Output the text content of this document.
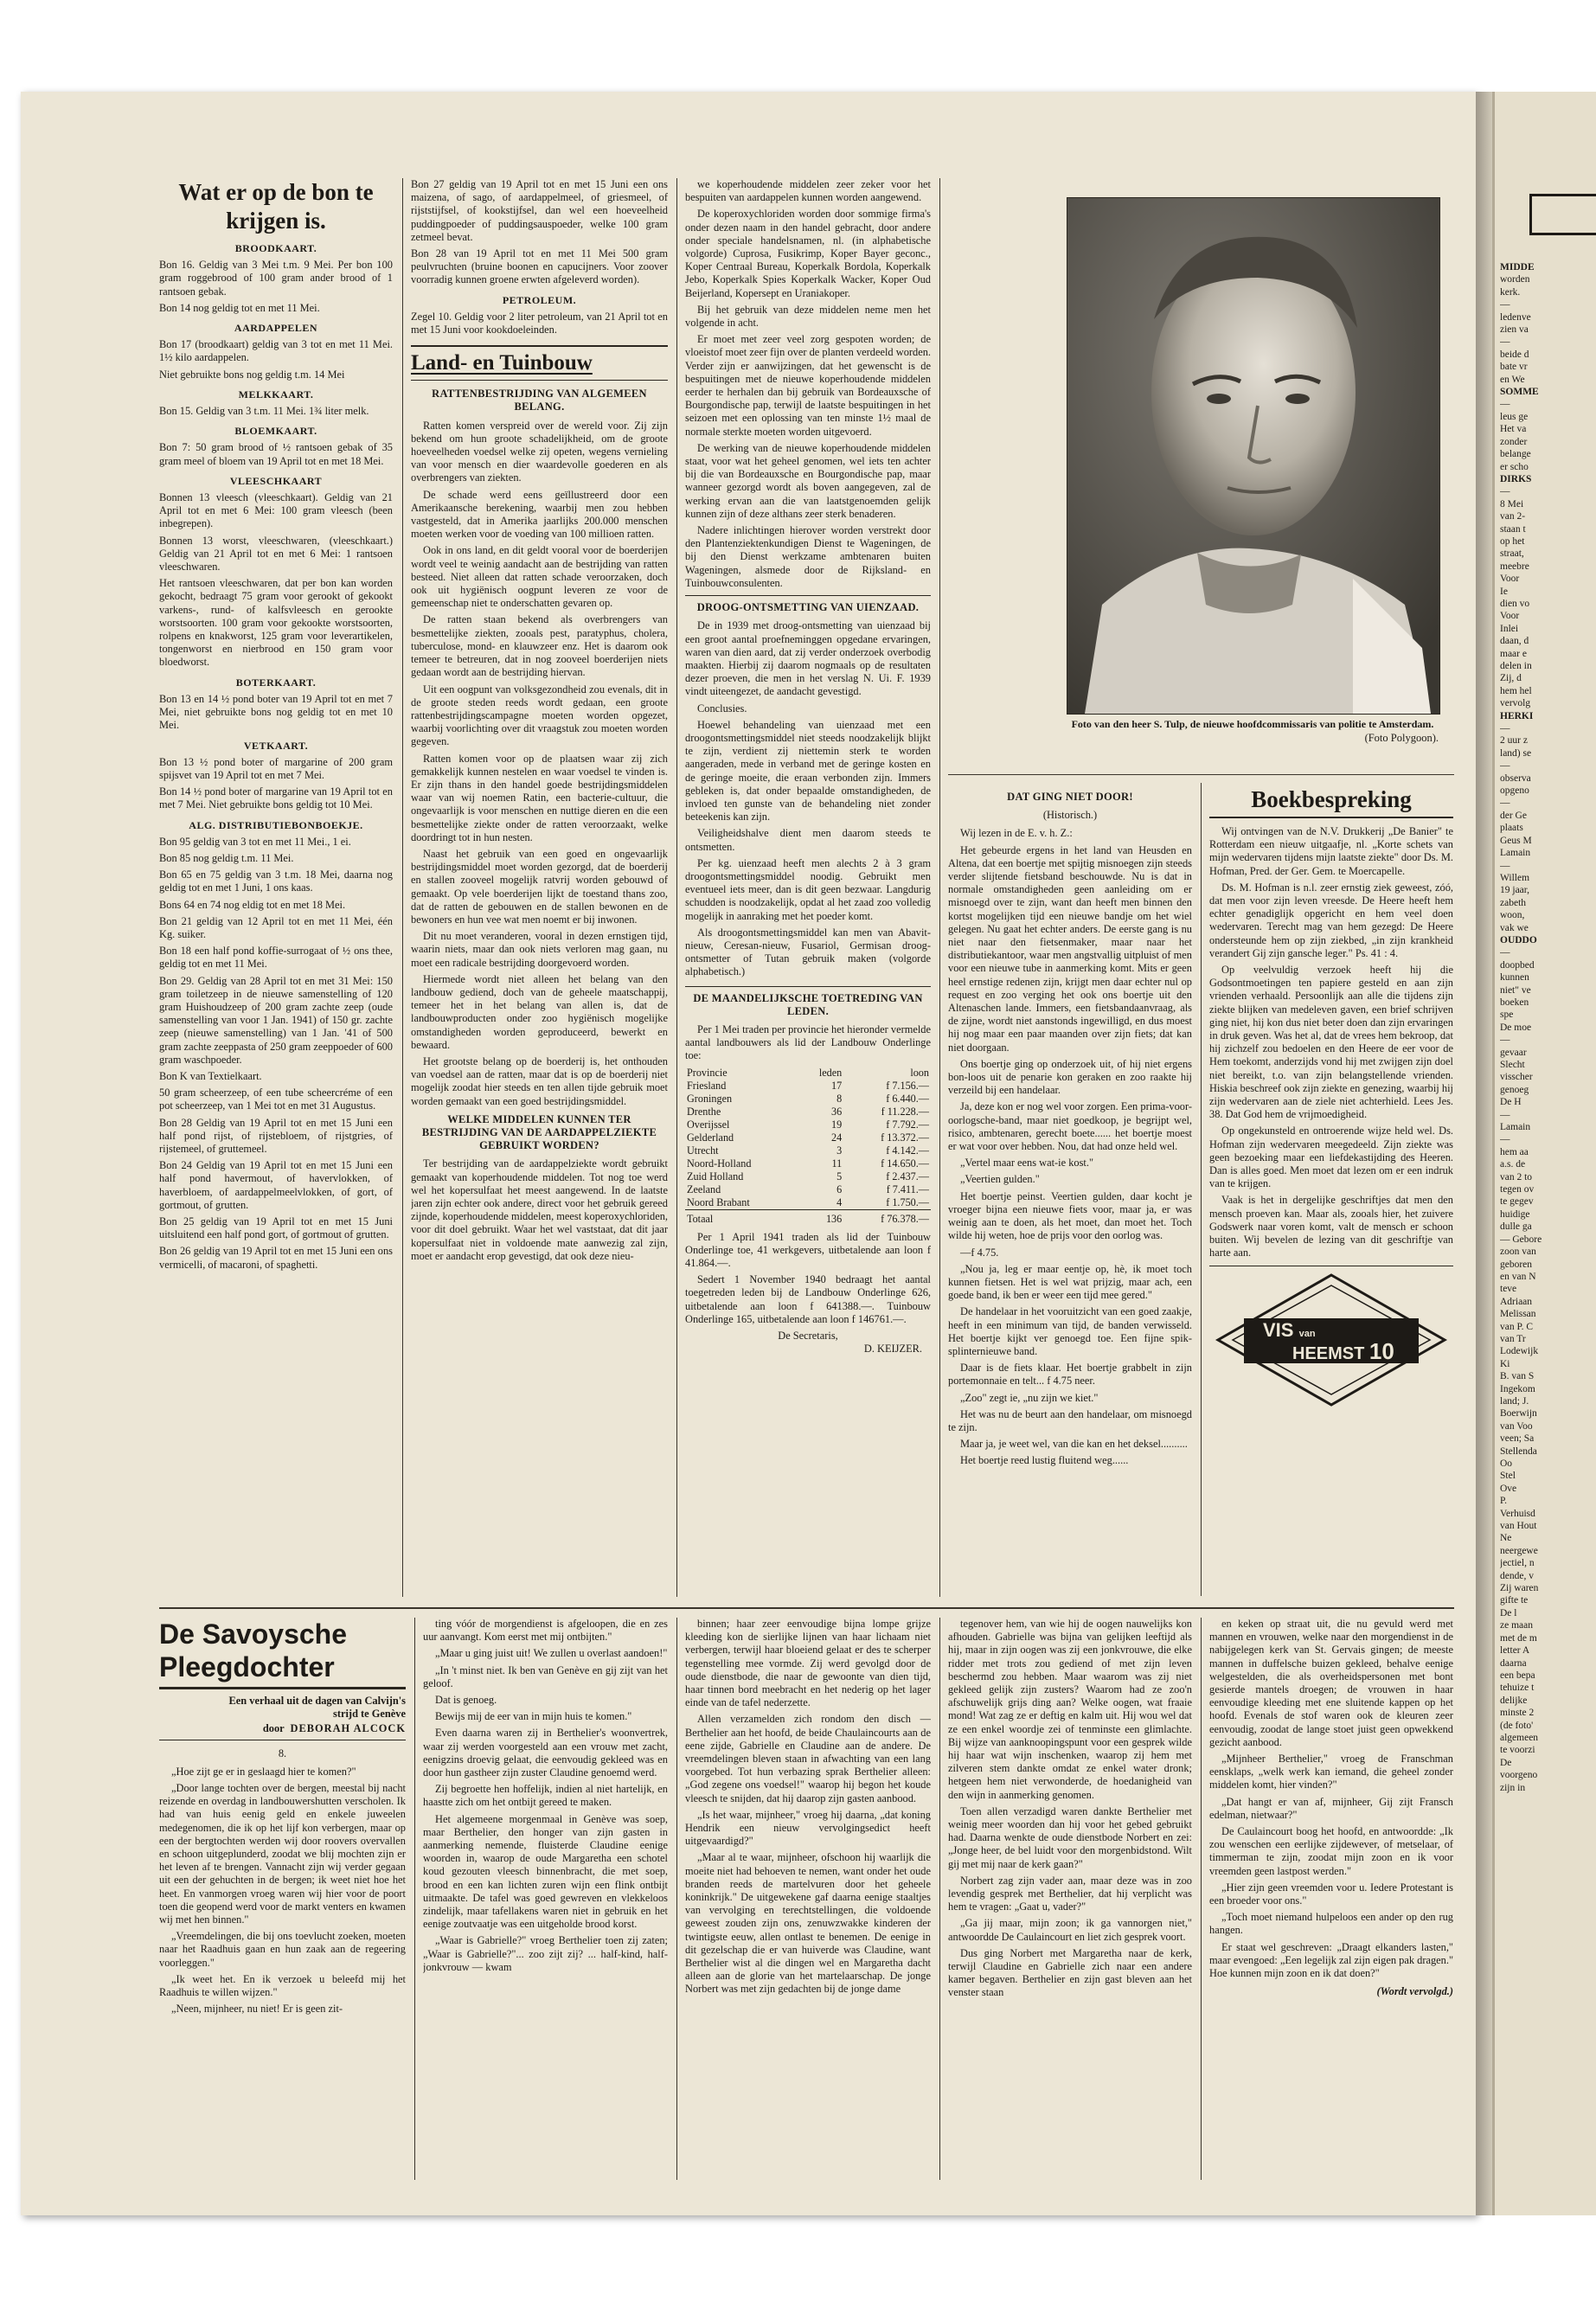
MIDDE
worden
kerk.
—
ledenve
zien va
—
beide d
bate vr
en We
SOMME
—
leus ge
Het va
zonder
belange
er scho
DIRKS
—
8 Mei
van 2-
staan t
op het
straat,
meebre
Voor
Ie
dien vo
Voor
Inlei
daan, d
maar e
delen in
Zij, d
hem hel
vervolg
HERKI
—
2 uur z
land) se
—
observa
opgeno
—
der Ge
plaats
Geus M
Lamain
—
Willem
19 jaar,
zabeth
woon,
vak we
OUDDO
—
doopbed
kunnen
niet" ve
boeken
spe
De moe
—
gevaar
Slecht
visscher
genoeg
De H
—
Lamain
—
hem aa
a.s. de
van 2 to
tegen ov
te gegev
huidige
dulle ga
— Gebore
zoon van
geboren
en van N
teve
Adriaan
Melissan
van P. C
van Tr
Lodewijk
Ki
B. van S
Ingekom
land; J.
Boerwijn
van Voo
veen; Sa
Stellenda
Oo
Stel
Ove
P.
Verhuisd
van Hout
Ne
neergewe
jectiel, n
dende, v
Zij waren
gifte te
De l
ze maan
met de m
letter A
daarna
een bepa
tehuize t
delijke
minste 2
(de foto'
algemeen
te voorzi
De
voorgeno
zijn in
Wat er op de bon te krijgen is.
BROODKAART.

Bon 16. Geldig van 3 Mei t.m. 9 Mei. Per bon 100 gram roggebrood of 100 gram ander brood of 1 rantsoen gebak.

Bon 14 nog geldig tot en met 11 Mei.

AARDAPPELEN

Bon 17 (broodkaart) geldig van 3 tot en met 11 Mei. 1½ kilo aardappelen.

Niet gebruikte bons nog geldig t.m. 14 Mei

MELKKAART.

Bon 15. Geldig van 3 t.m. 11 Mei. 1¾ liter melk.

BLOEMKAART.

Bon 7: 50 gram brood of ½ rantsoen gebak of 35 gram meel of bloem van 19 April tot en met 18 Mei.

VLEESCHKAART

Bonnen 13 vleesch (vleeschkaart). Geldig van 21 April tot en met 6 Mei: 100 gram vleesch (been inbegrepen).

Bonnen 13 worst, vleeschwaren, (vleeschkaart.) Geldig van 21 April tot en met 6 Mei: 1 rantsoen vleeschwaren.

Het rantsoen vleeschwaren, dat per bon kan worden gekocht, bedraagt 75 gram voor gerookt of gekookt varkens-, rund- of kalfsvleesch en gerookte worstsoorten. 100 gram voor gekookte worstsoorten, rolpens en knakworst, 125 gram voor leverartikelen, tongenworst en nierbrood en 150 gram voor bloedworst.

BOTERKAART.

Bon 13 en 14 ½ pond boter van 19 April tot en met 7 Mei, niet gebruikte bons nog geldig tot en met 10 Mei.

VETKAART.

Bon 13 ½ pond boter of margarine of 200 gram spijsvet van 19 April tot en met 7 Mei.

Bon 14 ½ pond boter of margarine van 19 April tot en met 7 Mei. Niet gebruikte bons geldig tot 10 Mei.

ALG. DISTRIBUTIEBONBOEKJE.

Bon 95 geldig van 3 tot en met 11 Mei., 1 ei.

Bon 85 nog geldig t.m. 11 Mei.

Bon 65 en 75 geldig van 3 t.m. 18 Mei, daarna nog geldig tot en met 1 Juni, 1 ons kaas.

Bons 64 en 74 nog eldig tot en met 18 Mei.

Bon 21 geldig van 12 April tot en met 11 Mei, één Kg. suiker.

Bon 18 een half pond koffie-surrogaat of ½ ons thee, geldig tot en met 11 Mei.

Bon 29. Geldig van 28 April tot en met 31 Mei: 150 gram toiletzeep in de nieuwe samenstelling of 120 gram Huishoudzeep of 200 gram zachte zeep (oude samenstelling van voor 1 Jan. 1941) of 150 gr. zachte zeep (nieuwe samenstelling) van 1 Jan. '41 of 500 gram zachte zeeppasta of 250 gram zeeppoeder of 600 gram waschpoeder.

Bon K van Textielkaart.

50 gram scheerzeep, of een tube scheercréme of een pot scheerzeep, van 1 Mei tot en met 31 Augustus.

Bon 28 Geldig van 19 April tot en met 15 Juni een half pond rijst, of rijstebloem, of rijstgries, of rijstemeel, of gruttemeel.

Bon 24 Geldig van 19 April tot en met 15 Juni een half pond havermout, of havervlokken, of haverbloem, of aardappelmeelvlokken, of gort, of gortmout, of grutten.

Bon 25 geldig van 19 April tot en met 15 Juni uitsluitend een half pond gort, of gortmout of grutten.

Bon 26 geldig van 19 April tot en met 15 Juni een ons vermicelli, of macaroni, of spaghetti.

Bon 27 geldig van 19 April tot en met 15 Juni een ons maizena, of sago, of aardappelmeel, of griesmeel, of rijststijfsel, of kookstijfsel, dan wel een hoeveelheid puddingpoeder of puddingsauspoeder, welke 100 gram zetmeel bevat.

Bon 28 van 19 April tot en met 11 Mei 500 gram peulvruchten (bruine boonen en capucijners. Voor zoover voorradig kunnen groene erwten afgeleverd worden).

PETROLEUM.

Zegel 10. Geldig voor 2 liter petroleum, van 21 April tot en met 15 Juni voor kookdoeleinden.

Land- en Tuinbouw
RATTENBESTRIJDING VAN ALGEMEEN BELANG.

Ratten komen verspreid over de wereld voor. Zij zijn bekend om hun groote schadelijkheid, om de groote hoeveelheden voedsel welke zij opeten, wegens vernieling van voor mensch en dier waardevolle goederen en als overbrengers van ziekten.

De schade werd eens geïllustreerd door een Amerikaansche berekening, waarbij men zou hebben vastgesteld, dat in Amerika jaarlijks 200.000 menschen moeten werken voor de voeding van 100 millioen ratten.

Ook in ons land, en dit geldt vooral voor de boerderijen wordt veel te weinig aandacht aan de bestrijding van ratten besteed. Niet alleen dat ratten schade veroorzaken, doch ook uit hygiënisch oogpunt leveren ze voor de gemeenschap niet te onderschatten gevaren op.

De ratten staan bekend als overbrengers van besmettelijke ziekten, zooals pest, paratyphus, cholera, tuberculose, mond- en klauwzeer enz. Het is daarom ook temeer te betreuren, dat in nog zooveel boerderijen niets gedaan wordt aan de bestrijding hiervan.

Uit een oogpunt van volksgezondheid zou evenals, dit in de groote steden reeds wordt gedaan, een groote rattenbestrijdingscampagne moeten worden opgezet, waarbij voorlichting over dit vraagstuk zou moeten worden gegeven.

Ratten komen voor op de plaatsen waar zij zich gemakkelijk kunnen nestelen en waar voedsel te vinden is. Er zijn thans in den handel goede bestrijdingsmiddelen waar van wij noemen Ratin, een bacterie-cultuur, die ongevaarlijk is voor menschen en nuttige dieren en die een besmettelijke ziekte onder de ratten veroorzaakt, welke doordringt tot in hun nesten.

Naast het gebruik van een goed en ongevaarlijk bestrijdingsmiddel moet worden gezorgd, dat de boerderij en stallen zooveel mogelijk ratvrij worden gebouwd of gemaakt. Op vele boerderijen lijkt de toestand thans zoo, dat de ratten de gebouwen en de stallen bewonen en de bewoners en hun vee wat men noemt er bij inwonen.

Dit nu moet veranderen, vooral in dezen ernstigen tijd, waarin niets, maar dan ook niets verloren mag gaan, nu moet een radicale bestrijding doorgevoerd worden.

Hiermede wordt niet alleen het belang van den landbouw gediend, doch van de geheele maatschappij, temeer het in het belang van allen is, dat de landbouwproducten onder zoo hygiënisch mogelijke omstandigheden worden geproduceerd, bewerkt en bewaard.

Het grootste belang op de boerderij is, het onthouden van voedsel aan de ratten, maar dat is op de boerderij niet mogelijk zoodat hier steeds en ten allen tijde gebruik moet worden gemaakt van een goed bestrijdingsmiddel.

WELKE MIDDELEN KUNNEN TER BESTRIJDING VAN DE AARDAPPELZIEKTE GEBRUIKT WORDEN?

Ter bestrijding van de aardappelziekte wordt gebruikt gemaakt van koperhoudende middelen. Tot nog toe werd wel het kopersulfaat het meest aangewend. In de laatste jaren zijn echter ook andere, direct voor het gebruik gereed zijnde, koperhoudende middelen, meest koperoxychloriden, voor dit doel gebruikt. Waar het wel vaststaat, dat dit jaar kopersulfaat niet in voldoende mate aanwezig zal zijn, moet er aandacht erop gevestigd, dat ook deze nieu-

we koperhoudende middelen zeer zeker voor het bespuiten van aardappelen kunnen worden aangewend.

De koperoxychloriden worden door sommige firma's onder dezen naam in den handel gebracht, door andere onder speciale handelsnamen, nl. (in alphabetische volgorde) Cuprosa, Fusikrimp, Koper Bayer geconc., Koper Centraal Bureau, Koperkalk Bordola, Koperkalk Jebo, Koperkalk Spies Koperkalk Wacker, Koper Oud Beijerland, Kopersept en Uraniakoper.

Bij het gebruik van deze middelen neme men het volgende in acht.

Er moet met zeer veel zorg gespoten worden; de vloeistof moet zeer fijn over de planten verdeeld worden. Verder zijn er aanwijzingen, dat het gewenscht is de bespuitingen met de nieuwe koperhoudende middelen eerder te herhalen dan bij gebruik van Bordeauxsche of Bourgondische pap, terwijl de laatste bespuitingen in het seizoen met een oplossing van ten minste 1½ maal de normale sterkte moeten worden uitgevoerd.

De werking van de nieuwe koperhoudende middelen staat, voor wat het geheel genomen, wel iets ten achter bij die van Bordeauxsche en Bourgondische pap, maar wanneer gezorgd wordt als boven aangegeven, zal de werking ervan aan die van laatstgenoemden gelijk kunnen zijn of deze althans zeer sterk benaderen.

Nadere inlichtingen hierover worden verstrekt door den Plantenziektenkundigen Dienst te Wageningen, de bij den Dienst werkzame ambtenaren buiten Wageningen, alsmede door de Rijksland- en Tuinbouwconsulenten.

DROOG-ONTSMETTING VAN UIENZAAD.

De in 1939 met droog-ontsmetting van uienzaad bij een groot aantal proefneminggen opgedane ervaringen, waren van dien aard, dat zij verder onderzoek overbodig maakten. Hierbij zij daarom nogmaals op de resultaten dezer proeven, die men in het verslag N. Ui. F. 1939 vindt uiteengezet, de aandacht gevestigd.

Conclusies.

Hoewel behandeling van uienzaad met een droogontsmettingsmiddel niet steeds noodzakelijk blijkt te zijn, verdient zij niettemin sterk te worden aangeraden, mede in verband met de geringe kosten en de geringe moeite, die eraan verbonden zijn. Immers gebleken is, dat onder bepaalde omstandigheden, de invloed ten gunste van de behandeling niet zonder beteekenis kan zijn.

Veiligheidshalve dient men daarom steeds te ontsmetten.

Per kg. uienzaad heeft men alechts 2 à 3 gram droogontsmettingsmiddel noodig. Gebruikt men eventueel iets meer, dan is dit geen bezwaar. Langdurig schudden is noodzakelijk, opdat al het zaad zoo volledig mogelijk in aanraking met het poeder komt.

Als droogontsmettingsmiddel kan men van Abavit-nieuw, Ceresan-nieuw, Fusariol, Germisan droog-ontsmetter of Tutan gebruik maken (volgorde alphabetisch.)

DE MAANDELIJKSCHE TOETREDING VAN LEDEN.

Per 1 Mei traden per provincie het hieronder vermelde aantal landbouwers als lid der Landbouw Onderlinge toe:

Provincie	leden	loon
Friesland	17	f 7.156.—
Groningen	8	f 6.440.—
Drenthe	36	f 11.228.—
Overijssel	19	f 7.792.—
Gelderland	24	f 13.372.—
Utrecht	3	f 4.142.—
Noord-Holland	11	f 14.650.—
Zuid Holland	5	f 2.437.—
Zeeland	6	f 7.411.—
Noord Brabant	4	f 1.750.—
Totaal	136	f 76.378.—

Per 1 April 1941 traden als lid der Tuinbouw Onderlinge toe, 41 werkgevers, uitbetalende aan loon f 41.864.—.

Sedert 1 November 1940 bedraagt het aantal toegetreden leden bij de Landbouw Onderlinge 626, uitbetalende aan loon f 641388.—. Tuinbouw Onderlinge 165, uitbetalende aan loon f 146761.—.

De Secretaris,
D. KEIJZER.
Foto van den heer S. Tulp, de nieuwe hoofdcommissaris van politie te Amsterdam.
(Foto Polygoon).
DAT GING NIET DOOR!
(Historisch.)

Wij lezen in de E. v. h. Z.:

Het gebeurde ergens in het land van Heusden en Altena, dat een boertje met spijtig misnoegen zijn steeds verder slijtende fietsband beschouwde. Nu is dat in normale omstandigheden geen aanleiding om er misnoegd over te zijn, want dan heeft men binnen den kortst mogelijken tijd een nieuwe bandje om het wiel gelegen. Nu gaat het echter anders. De eerste gang is nu niet naar den fietsenmaker, maar naar het distributiekantoor, waar men angstvallig uitpluist of men voor een nieuwe tube in aanmerking komt. Mits er geen heel ernstige redenen zijn, krijgt men daar echter nul op request en zoo verging het ook ons boertje uit den Altenaschen lande. Immers, een fietsbandaanvraag, als de zijne, wordt niet aanstonds ingewilligd, en dus moest hij nog maar een paar maanden over zijn fiets; dat kan niet doorgaan.

Ons boertje ging op onderzoek uit, of hij niet ergens bon-loos uit de penarie kon geraken en zoo raakte hij verzeild bij een handelaar.

Ja, deze kon er nog wel voor zorgen. Een prima-voor-oorlogsche-band, maar niet goedkoop, je begrijpt wel, risico, ambtenaren, gerecht boete...... het boertje moest er wat voor over hebben. Nou, dat had onze held wel.

„Vertel maar eens wat-ie kost."

„Veertien gulden."

Het boertje peinst. Veertien gulden, daar kocht je vroeger bijna een nieuwe fiets voor, maar ja, er was weinig aan te doen, als het moet, dan moet het. Toch wilde hij weten, hoe de prijs voor den oorlog was.

—f 4.75.

„Nou ja, leg er maar eentje op, hè, ik moet toch kunnen fietsen. Het is wel wat prijzig, maar ach, een goede band, ik ben er weer een tijd mee gered."

De handelaar in het vooruitzicht van een goed zaakje, heeft in een minimum van tijd, de banden verwisseld. Het boertje kijkt ver genoegd toe. Een fijne spik-splinternieuwe band.

Daar is de fiets klaar. Het boertje grabbelt in zijn portemonnaie en telt... f 4.75 neer.

„Zoo" zegt ie, „nu zijn we kiet."

Het was nu de beurt aan den handelaar, om misnoegd te zijn.

Maar ja, je weet wel, van die kan en het deksel..........

Het boertje reed lustig fluitend weg......

Boekbespreking

Wij ontvingen van de N.V. Drukkerij „De Banier" te Rotterdam een nieuw uitgaafje, nl. „Korte schets van mijn wedervaren tijdens mijn laatste ziekte" door Ds. M. Hofman, Pred. der Ger. Gem. te Moercapelle.

Ds. M. Hofman is n.l. zeer ernstig ziek geweest, zóó, dat men voor zijn leven vreesde. De Heere heeft hem echter genadiglijk opgericht en hem veel doen wedervaren. Terecht mag van hem gezegd: De Heere ondersteunde hem op zijn ziekbed, „in zijn krankheid verandert Gij zijn gansche leger." Ps. 41 : 4.

Op veelvuldig verzoek heeft hij die Godsontmoetingen ten papiere gesteld en aan zijn vrienden verhaald. Persoonlijk aan alle die tijdens zijn ziekte blijken van medeleven gaven, een brief schrijven ging niet, hij kon dus niet beter doen dan zijn ervaringen in druk geven. Was het al, dat de vrees hem bekroop, dat hij zichzelf zou bedoelen en den Heere de eer voor de Hem toekomt, anderzijds vond hij met zwijgen zijn doel niet bereikt, t.o. van zijn belangstellende vrienden. Hiskia beschreef ook zijn ziekte en genezing, waarbij hij zijn wedervaren aan de ziele niet achterhield. Lees Jes. 38. Dat God hem de vrijmoedigheid.

Op ongekunsteld en ontroerende wijze held wel. Ds. Hofman zijn wedervaren meegedeeld. Zijn ziekte was geen bezoeking maar een liefdekastijding des Heeren. Dan is alles goed. Men moet dat lezen om er een indruk van te krijgen.

Vaak is het in dergelijke geschriftjes dat men den mensch proeven kan. Maar als, zooals hier, het zuivere Godswerk naar voren komt, valt de mensch er schoon buiten. Wij bevelen de lezing van dit geschriftje van harte aan.

VIS van
HEEMST 10
De Savoysche
Pleegdochter
Een verhaal uit de dagen van Calvijn's strijd te Genève
door DEBORAH ALCOCK
8.

„Hoe zijt ge er in geslaagd hier te komen?"

„Door lange tochten over de bergen, meestal bij nacht reizende en overdag in landbouwershutten verscholen. Ik had van huis eenig geld en enkele juweelen medegenomen, die ik op het lijf kon verbergen, maar op een der bergtochten werden wij door roovers overvallen en schoon uitgeplunderd, zoodat we blij mochten zijn er het leven af te brengen. Vannacht zijn wij verder gegaan uit een der gehuchten in de bergen; ik weet niet hoe het heet. En vanmorgen vroeg waren wij hier voor de poort toen die geopend werd voor de markt venters en kwamen wij met hen binnen."

„Vreemdelingen, die bij ons toevlucht zoeken, moeten naar het Raadhuis gaan en hun zaak aan de regeering voorleggen."

„Ik weet het. En ik verzoek u beleefd mij het Raadhuis te willen wijzen."

„Neen, mijnheer, nu niet! Er is geen zit-

ting vóór de morgendienst is afgeloopen, die en zes uur aanvangt. Kom eerst met mij ontbijten."

„Maar u ging juist uit! We zullen u overlast aandoen!"

„In 't minst niet. Ik ben van Genève en gij zijt van het geloof.

Dat is genoeg.

Bewijs mij de eer van in mijn huis te komen."

Even daarna waren zij in Berthelier's woonvertrek, waar zij werden voorgesteld aan een vrouw met zacht, eenigzins droevig gelaat, die eenvoudig gekleed was en door hun gastheer zijn zuster Claudine genoemd werd.

Zij begroette hen hoffelijk, indien al niet hartelijk, en haastte zich om het ontbijt gereed te maken.

Het algemeene morgenmaal in Genève was soep, maar Berthelier, den honger van zijn gasten in aanmerking nemende, fluisterde Claudine eenige woorden in, waarop de oude Margaretha een schotel koud gezouten vleesch binnenbracht, die met soep, brood en een kan lichten zuren wijn een flink ontbijt uitmaakte. De tafel was goed gewreven en vlekkeloos zindelijk, maar tafellakens waren niet in gebruik en het eenige zoutvaatje was een uitgeholde brood korst.

„Waar is Gabrielle?" vroeg Berthelier toen zij zaten; „Waar is Gabrielle?"... zoo zijt zij? ... half-kind, half-jonkvrouw — kwam

binnen; haar zeer eenvoudige bijna lompe grijze kleeding kon de sierlijke lijnen van haar lichaam niet verbergen, terwijl haar bloeiend gelaat er des te scherper tegenstelling mee vormde. Zij werd gevolgd door de oude dienstbode, die naar de gewoonte van dien tijd, haar tinnen bord meebracht en het nederig op het lager einde van de tafel nederzette.

Allen verzamelden zich rondom den disch — Berthelier aan het hoofd, de beide Chaulaincourts aan de eene zijde, Gabrielle en Claudine aan de andere. De vreemdelingen bleven staan in afwachting van een lang voorgebed. Tot hun verbazing sprak Berthelier alleen: „God zegene ons voedsel!" waarop hij begon het koude vleesch te snijden, dat hij daarop zijn gasten aanbood.

„Is het waar, mijnheer," vroeg hij daarna, „dat koning Hendrik een nieuw vervolgingsedict heeft uitgevaardigd?"

„Maar al te waar, mijnheer, ofschoon hij waarlijk die moeite niet had behoeven te nemen, want onder het oude branden reeds de martelvuren door het geheele koninkrijk." De uitgewekene gaf daarna eenige staaltjes van vervolging en terechtstellingen, die voldoende geweest zouden zijn ons, zenuwzwakke kinderen der twintigste eeuw, allen ontlast te benemen. De eenige in dit gezelschap die er van huiverde was Claudine, want Berthelier wist al die dingen wel en Margaretha dacht alleen aan de glorie van het martelaarschap. De jonge Norbert was met zijn gedachten bij de jonge dame

tegenover hem, van wie hij de oogen nauwelijks kon afhouden. Gabrielle was bijna van gelijken leeftijd als hij, maar in zijn oogen was zij een jonkvrouwe, die elke ridder met trots zou gediend of met zijn leven beschermd zou hebben. Maar waarom was zij niet gekleed gelijk zijn zusters? Waarom had ze zoo'n afschuwelijk grijs ding aan? Welke oogen, wat fraaie mond! Wat zag ze er deftig en kalm uit. Hij wou wel dat ze een enkel woordje zei of tenminste een glimlachte. Bij wijze van aanknoopingspunt voor een gesprek wilde hij haar wat wijn inschenken, waarop zij hem met zilveren stem dankte omdat ze enkel water dronk; hetgeen hem niet verwonderde, de hoedanigheid van den wijn in aanmerking genomen.

Toen allen verzadigd waren dankte Berthelier met weinig meer woorden dan hij voor het gebed gebruikt had. Daarna wenkte de oude dienstbode Norbert en zei: „Jonge heer, de bel luidt voor den morgenbidstond. Wilt gij met mij naar de kerk gaan?"

Norbert zag zijn vader aan, maar deze was in zoo levendig gesprek met Berthelier, dat hij verplicht was hem te vragen: „Gaat u, vader?"

„Ga jij maar, mijn zoon; ik ga vannorgen niet," antwoordde De Caulaincourt en liet zich gesprek voort.

Dus ging Norbert met Margaretha naar de kerk, terwijl Claudine en Gabrielle zich naar een andere kamer begaven. Berthelier en zijn gast bleven aan het venster staan

en keken op straat uit, die nu gevuld werd met mannen en vrouwen, welke naar den morgendienst in de nabijgelegen kerk van St. Gervais gingen; de meeste mannen in duffelsche buizen gekleed, behalve eenige welgestelden, die als overheidspersonen met bont gesierde mantels droegen; de vrouwen in haar eenvoudige kleeding met ene sluitende kappen op het hoofd. Evenals de stof waren ook de kleuren zeer eenvoudig, zoodat de lange stoet juist geen opwekkend gezicht aanbood.

„Mijnheer Berthelier," vroeg de Franschman eensklaps, „welk werk kan iemand, die geheel zonder middelen komt, hier vinden?"

„Dat hangt er van af, mijnheer, Gij zijt Fransch edelman, nietwaar?"

De Caulaincourt boog het hoofd, en antwoordde: „Ik zou wenschen een eerlijke zijdewever, of metselaar, of timmerman te zijn, zoodat mijn zoon en ik voor vreemden geen lastpost werden."

„Hier zijn geen vreemden voor u. Iedere Protestant is een broeder voor ons."

„Toch moet niemand hulpeloos een ander op den rug hangen.

Er staat wel geschreven: „Draagt elkanders lasten," maar evengoed: „Een legelijk zal zijn eigen pak dragen." Hoe kunnen mijn zoon en ik dat doen?"

(Wordt vervolgd.)
